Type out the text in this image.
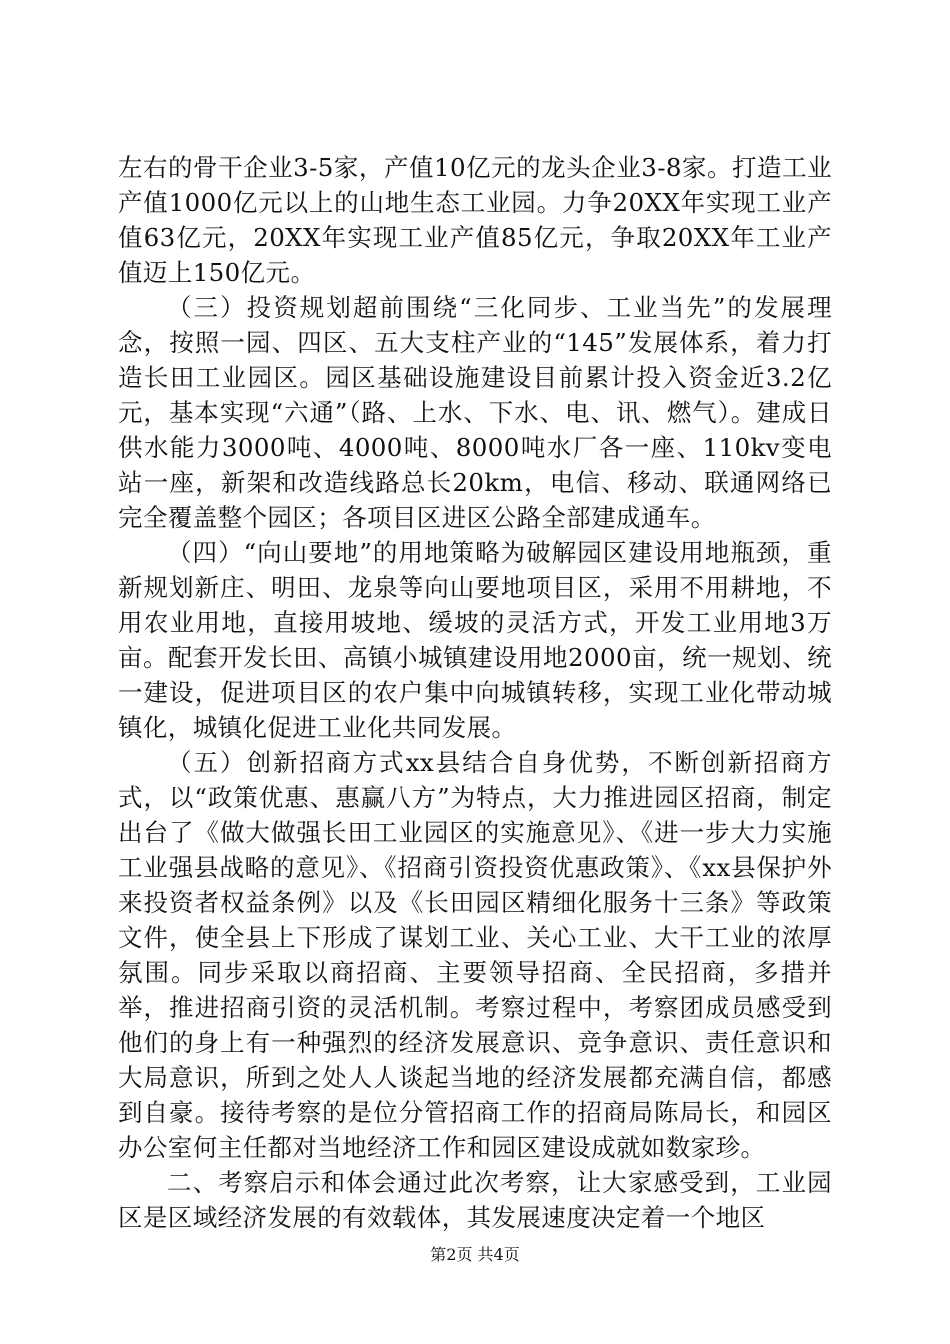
左右的骨干企业3-5家，产值10亿元的龙头企业3-8家。打造工业产值1000亿元以上的山地生态工业园。力争20XX年实现工业产值63亿元，20XX年实现工业产值85亿元，争取20XX年工业产值迈上150亿元。

（三）投资规划超前围绕“三化同步、工业当先”的发展理念，按照一园、四区、五大支柱产业的“145”发展体系，着力打造长田工业园区。园区基础设施建设目前累计投入资金近3.2亿元，基本实现“六通”（路、上水、下水、电、讯、燃气）。建成日供水能力3000吨、4000吨、8000吨水厂各一座、110kv变电站一座，新架和改造线路总长20km，电信、移动、联通网络已完全覆盖整个园区；各项目区进区公路全部建成通车。

（四）“向山要地”的用地策略为破解园区建设用地瓶颈，重新规划新庄、明田、龙泉等向山要地项目区，采用不用耕地，不用农业用地，直接用坡地、缓坡的灵活方式，开发工业用地3万亩。配套开发长田、高镇小城镇建设用地2000亩，统一规划、统一建设，促进项目区的农户集中向城镇转移，实现工业化带动城镇化，城镇化促进工业化共同发展。

（五）创新招商方式xx县结合自身优势，不断创新招商方式，以“政策优惠、惠赢八方”为特点，大力推进园区招商，制定出台了《做大做强长田工业园区的实施意见》、《进一步大力实施工业强县战略的意见》、《招商引资投资优惠政策》、《xx县保护外来投资者权益条例》以及《长田园区精细化服务十三条》等政策文件，使全县上下形成了谋划工业、关心工业、大干工业的浓厚氛围。同步采取以商招商、主要领导招商、全民招商，多措并举，推进招商引资的灵活机制。考察过程中，考察团成员感受到他们的身上有一种强烈的经济发展意识、竞争意识、责任意识和大局意识，所到之处人人谈起当地的经济发展都充满自信，都感到自豪。接待考察的是位分管招商工作的招商局陈局长，和园区办公室何主任都对当地经济工作和园区建设成就如数家珍。

二、考察启示和体会通过此次考察，让大家感受到，工业园区是区域经济发展的有效载体，其发展速度决定着一个地区

第2页 共4页
